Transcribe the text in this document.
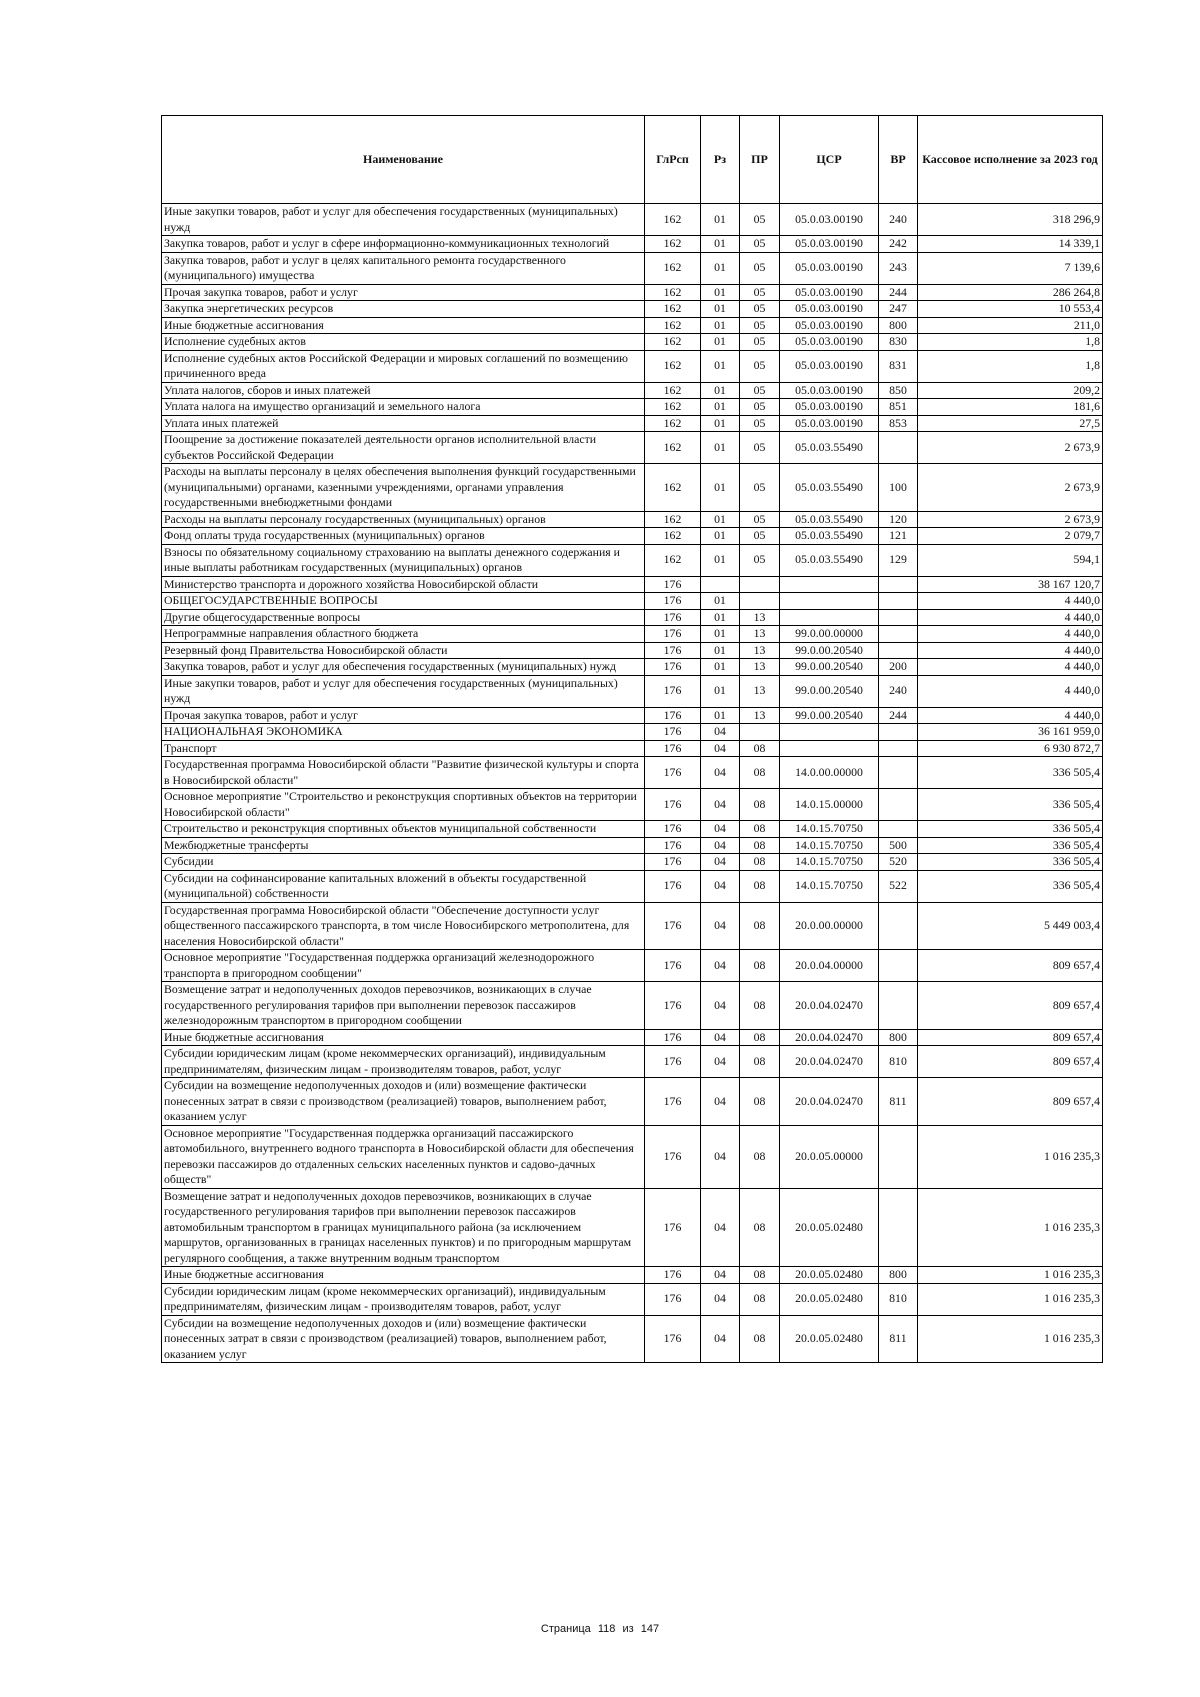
Наименование	ГлРсп	Рз	ПР	ЦСР	ВР	Кассовое исполнение за 2023 год
Иные закупки товаров, работ и услуг для обеспечения государственных (муниципальных) нужд	162	01	05	05.0.03.00190	240	318 296,9
Закупка товаров, работ и услуг в сфере информационно-коммуникационных технологий	162	01	05	05.0.03.00190	242	14 339,1
Закупка товаров, работ и услуг в целях капитального ремонта государственного (муниципального) имущества	162	01	05	05.0.03.00190	243	7 139,6
Прочая закупка товаров, работ и услуг	162	01	05	05.0.03.00190	244	286 264,8
Закупка энергетических ресурсов	162	01	05	05.0.03.00190	247	10 553,4
Иные бюджетные ассигнования	162	01	05	05.0.03.00190	800	211,0
Исполнение судебных актов	162	01	05	05.0.03.00190	830	1,8
Исполнение судебных актов Российской Федерации и мировых соглашений по возмещению причиненного вреда	162	01	05	05.0.03.00190	831	1,8
Уплата налогов, сборов и иных платежей	162	01	05	05.0.03.00190	850	209,2
Уплата налога на имущество организаций и земельного налога	162	01	05	05.0.03.00190	851	181,6
Уплата иных платежей	162	01	05	05.0.03.00190	853	27,5
Поощрение за достижение показателей деятельности органов исполнительной власти субъектов Российской Федерации	162	01	05	05.0.03.55490		2 673,9
Расходы на выплаты персоналу в целях обеспечения выполнения функций государственными (муниципальными) органами, казенными учреждениями, органами управления государственными внебюджетными фондами	162	01	05	05.0.03.55490	100	2 673,9
Расходы на выплаты персоналу государственных (муниципальных) органов	162	01	05	05.0.03.55490	120	2 673,9
Фонд оплаты труда государственных (муниципальных) органов	162	01	05	05.0.03.55490	121	2 079,7
Взносы по обязательному социальному страхованию на выплаты денежного содержания и иные выплаты работникам государственных (муниципальных) органов	162	01	05	05.0.03.55490	129	594,1
Министерство транспорта и дорожного хозяйства Новосибирской области	176					38 167 120,7
ОБЩЕГОСУДАРСТВЕННЫЕ ВОПРОСЫ	176	01				4 440,0
Другие общегосударственные вопросы	176	01	13			4 440,0
Непрограммные направления областного бюджета	176	01	13	99.0.00.00000		4 440,0
Резервный фонд Правительства Новосибирской области	176	01	13	99.0.00.20540		4 440,0
Закупка товаров, работ и услуг для обеспечения государственных (муниципальных) нужд	176	01	13	99.0.00.20540	200	4 440,0
Иные закупки товаров, работ и услуг для обеспечения государственных (муниципальных) нужд	176	01	13	99.0.00.20540	240	4 440,0
Прочая закупка товаров, работ и услуг	176	01	13	99.0.00.20540	244	4 440,0
НАЦИОНАЛЬНАЯ ЭКОНОМИКА	176	04				36 161 959,0
Транспорт	176	04	08			6 930 872,7
Государственная программа Новосибирской области "Развитие физической культуры и спорта в Новосибирской области"	176	04	08	14.0.00.00000		336 505,4
Основное мероприятие "Строительство и реконструкция спортивных объектов на территории Новосибирской области"	176	04	08	14.0.15.00000		336 505,4
Строительство и реконструкция спортивных объектов муниципальной собственности	176	04	08	14.0.15.70750		336 505,4
Межбюджетные трансферты	176	04	08	14.0.15.70750	500	336 505,4
Субсидии	176	04	08	14.0.15.70750	520	336 505,4
Субсидии на софинансирование капитальных вложений в объекты государственной (муниципальной) собственности	176	04	08	14.0.15.70750	522	336 505,4
Государственная программа Новосибирской области "Обеспечение доступности услуг общественного пассажирского транспорта, в том числе Новосибирского метрополитена, для населения Новосибирской области"	176	04	08	20.0.00.00000		5 449 003,4
Основное мероприятие "Государственная поддержка организаций железнодорожного транспорта в пригородном сообщении"	176	04	08	20.0.04.00000		809 657,4
Возмещение затрат и недополученных доходов перевозчиков, возникающих в случае государственного регулирования тарифов при выполнении перевозок пассажиров железнодорожным транспортом в пригородном сообщении	176	04	08	20.0.04.02470		809 657,4
Иные бюджетные ассигнования	176	04	08	20.0.04.02470	800	809 657,4
Субсидии юридическим лицам (кроме некоммерческих организаций), индивидуальным предпринимателям, физическим лицам - производителям товаров, работ, услуг	176	04	08	20.0.04.02470	810	809 657,4
Субсидии на возмещение недополученных доходов и (или) возмещение фактически понесенных затрат в связи с производством (реализацией) товаров, выполнением работ, оказанием услуг	176	04	08	20.0.04.02470	811	809 657,4
Основное мероприятие "Государственная поддержка организаций пассажирского автомобильного, внутреннего водного транспорта в Новосибирской области для обеспечения перевозки пассажиров до отдаленных сельских населенных пунктов и садово-дачных обществ"	176	04	08	20.0.05.00000		1 016 235,3
Возмещение затрат и недополученных доходов перевозчиков, возникающих в случае государственного регулирования тарифов при выполнении перевозок пассажиров автомобильным транспортом в границах муниципального района (за исключением маршрутов, организованных в границах населенных пунктов) и по пригородным маршрутам регулярного сообщения, а также внутренним водным транспортом	176	04	08	20.0.05.02480		1 016 235,3
Иные бюджетные ассигнования	176	04	08	20.0.05.02480	800	1 016 235,3
Субсидии юридическим лицам (кроме некоммерческих организаций), индивидуальным предпринимателям, физическим лицам - производителям товаров, работ, услуг	176	04	08	20.0.05.02480	810	1 016 235,3
Субсидии на возмещение недополученных доходов и (или) возмещение фактически понесенных затрат в связи с производством (реализацией) товаров, выполнением работ, оказанием услуг	176	04	08	20.0.05.02480	811	1 016 235,3
Страница 118 из 147
